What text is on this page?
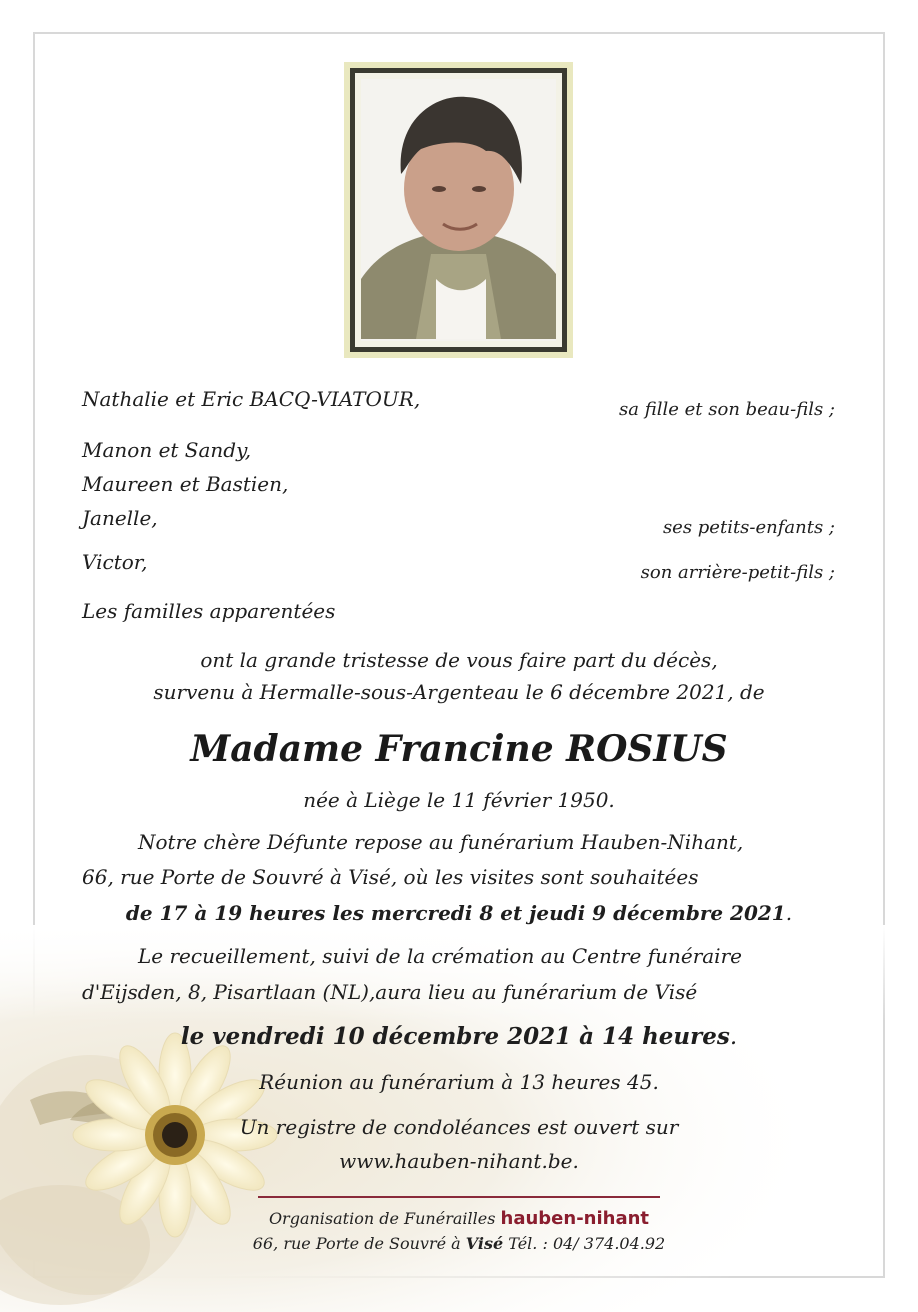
Nathalie et Eric BACQ-VIATOUR,	sa fille et son beau-fils ;
Manon et Sandy,
Maureen et Bastien,
Janelle,	ses petits-enfants ;
Victor,	son arrière-petit-fils ;
Les familles apparentées
ont la grande tristesse de vous faire part du décès,
survenu à Hermalle-sous-Argenteau le 6 décembre 2021, de
Madame Francine ROSIUS
née à Liège le 11 février 1950.
Notre chère Défunte repose au funérarium Hauben-Nihant,
66, rue Porte de Souvré à Visé, où les visites sont souhaitées
de 17 à 19 heures les mercredi 8 et jeudi 9 décembre 2021.
Le recueillement, suivi de la crémation au Centre funéraire
d'Eijsden, 8, Pisartlaan (NL),aura lieu au funérarium de Visé
le vendredi 10 décembre 2021 à 14 heures.
Réunion au funérarium à 13 heures 45.
Un registre de condoléances est ouvert sur
www.hauben-nihant.be.
Organisation de Funérailles hauben-nihant
66, rue Porte de Souvré à Visé Tél. : 04/ 374.04.92
